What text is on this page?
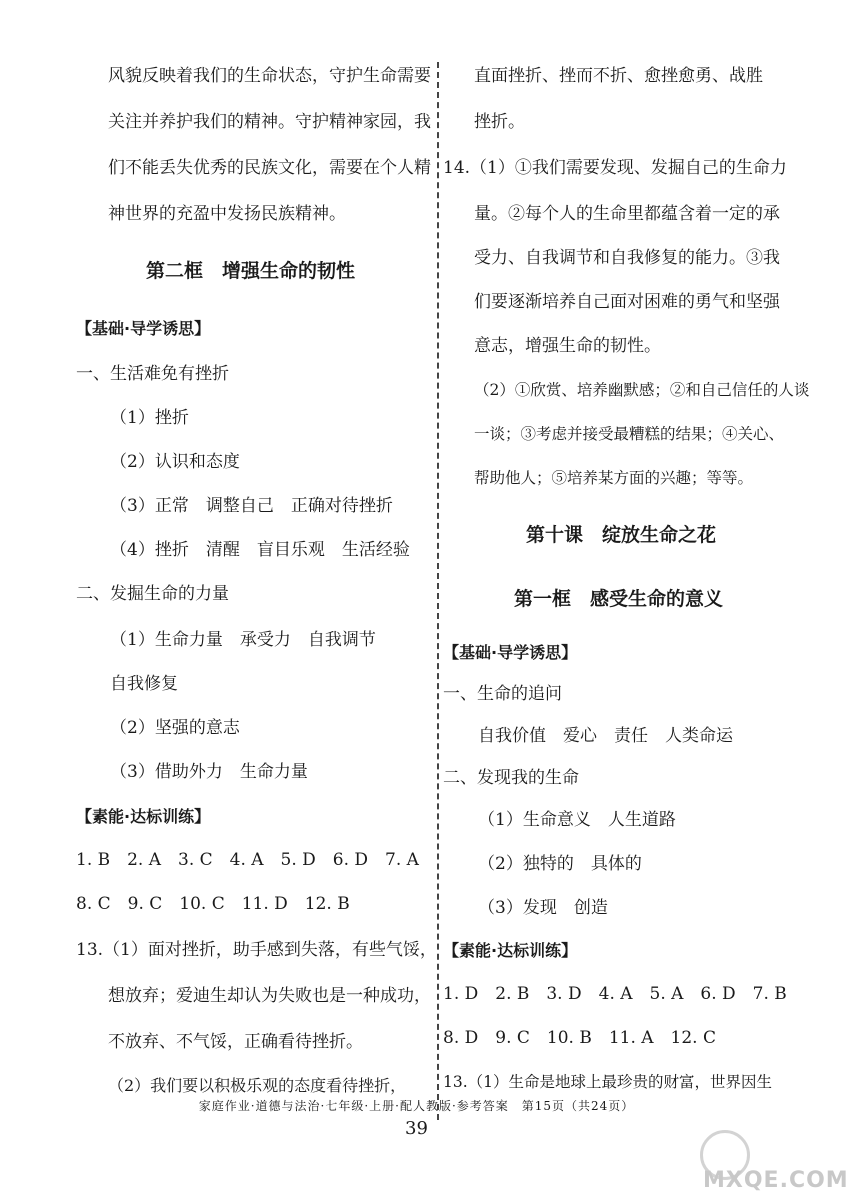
风貌反映着我们的生命状态，守护生命需要
关注并养护我们的精神。守护精神家园，我
们不能丢失优秀的民族文化，需要在个人精
神世界的充盈中发扬民族精神。
第二框　增强生命的韧性
【基础·导学诱思】
一、生活难免有挫折
（1）挫折
（2）认识和态度
（3）正常　调整自己　正确对待挫折
（4）挫折　清醒　盲目乐观　生活经验
二、发掘生命的力量
（1）生命力量　承受力　自我调节
自我修复
（2）坚强的意志
（3）借助外力　生命力量
【素能·达标训练】
1. B　2. A　3. C　4. A　5. D　6. D　7. A
8. C　9. C　10. C　11. D　12. B
13.（1）面对挫折，助手感到失落，有些气馁，
想放弃；爱迪生却认为失败也是一种成功，
不放弃、不气馁，正确看待挫折。
（2）我们要以积极乐观的态度看待挫折，
直面挫折、挫而不折、愈挫愈勇、战胜
挫折。
14.（1）①我们需要发现、发掘自己的生命力
量。②每个人的生命里都蕴含着一定的承
受力、自我调节和自我修复的能力。③我
们要逐渐培养自己面对困难的勇气和坚强
意志，增强生命的韧性。
（2）①欣赏、培养幽默感；②和自己信任的人谈
一谈；③考虑并接受最糟糕的结果；④关心、
帮助他人；⑤培养某方面的兴趣；等等。
第十课　绽放生命之花
第一框　感受生命的意义
【基础·导学诱思】
一、生命的追问
自我价值　爱心　责任　人类命运
二、发现我的生命
（1）生命意义　人生道路
（2）独特的　具体的
（3）发现　创造
【素能·达标训练】
1. D　2. B　3. D　4. A　5. A　6. D　7. B
8. D　9. C　10. B　11. A　12. C
13.（1）生命是地球上最珍贵的财富，世界因生
家庭作业·道德与法治·七年级·上册·配人教版·参考答案　第15页（共24页）
39
MXQE.COM
